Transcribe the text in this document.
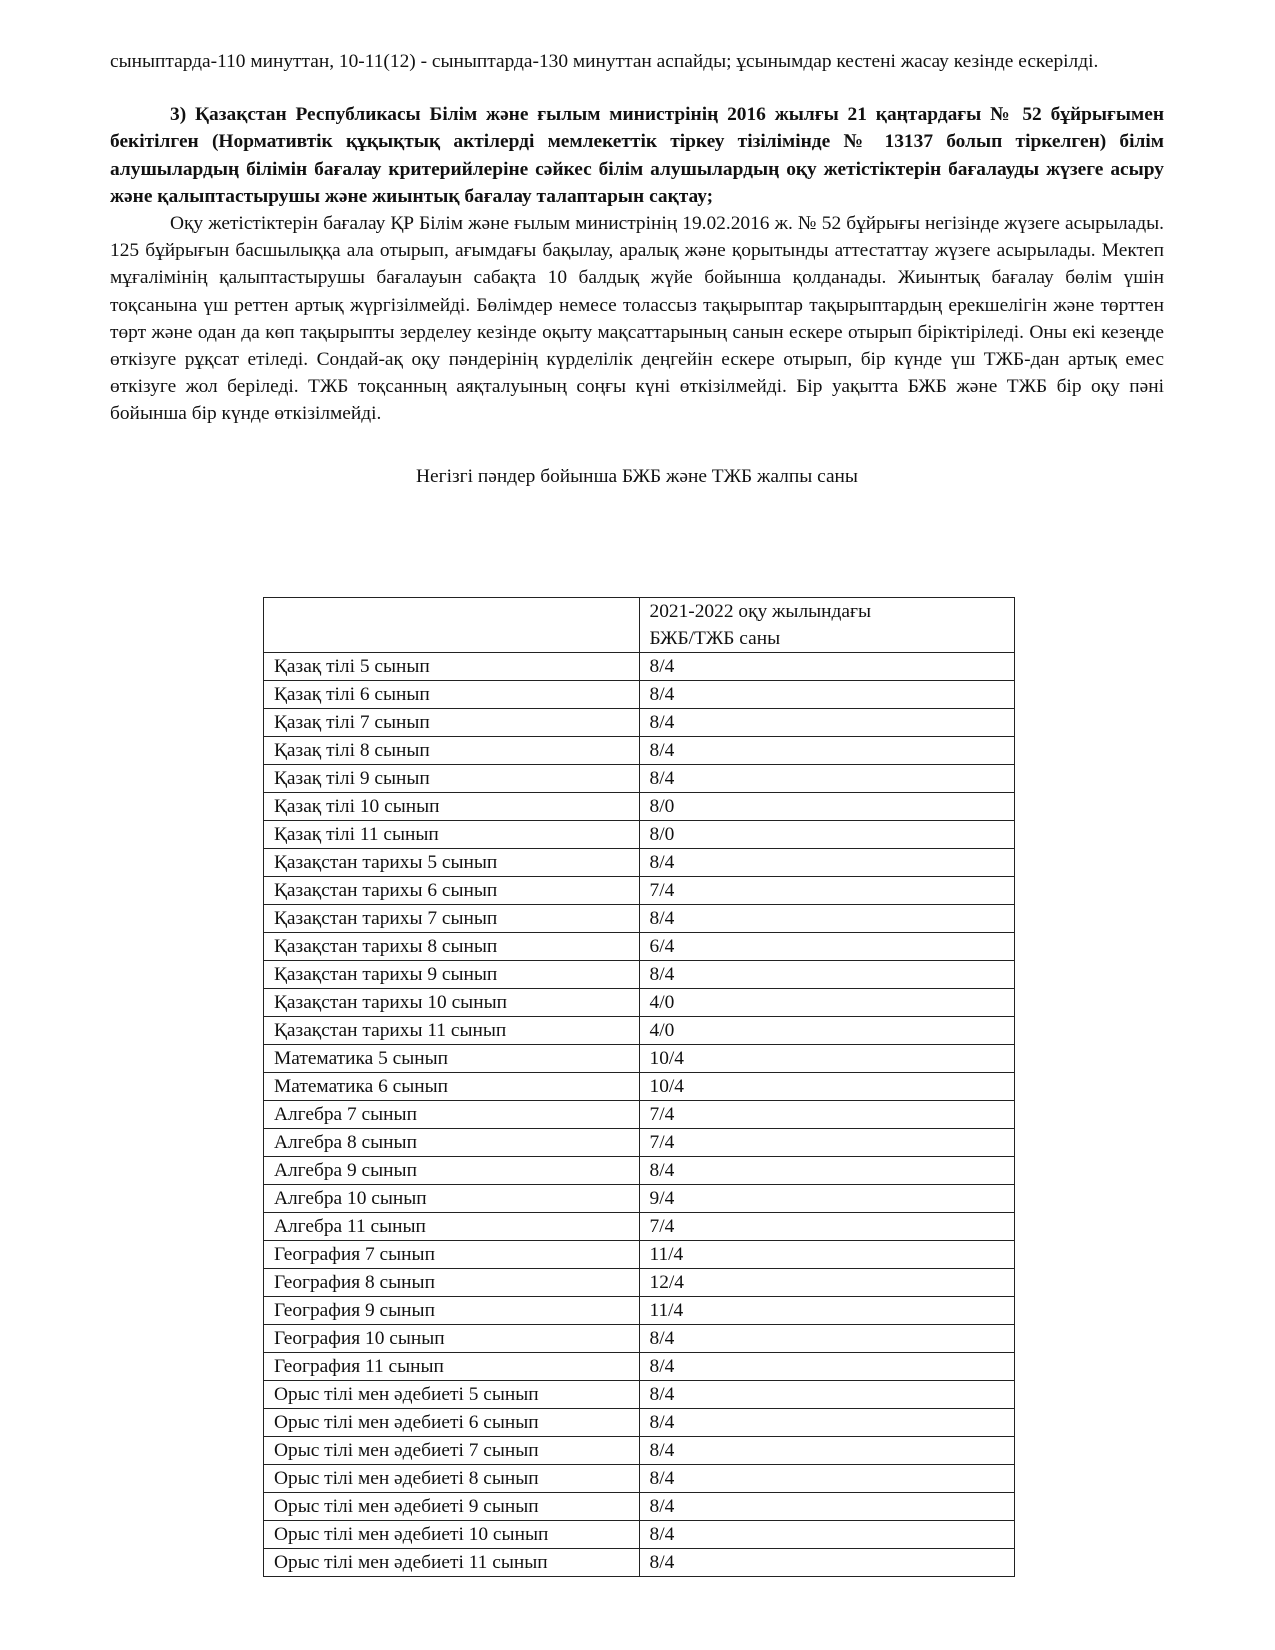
сыныптарда-110 минуттан, 10-11(12) - сыныптарда-130 минуттан аспайды; ұсынымдар кестені жасау кезінде ескерілді.

3) Қазақстан Республикасы Білім және ғылым министрінің 2016 жылғы 21 қаңтардағы № 52 бұйрығымен бекітілген (Нормативтік құқықтық актілерді мемлекеттік тіркеу тізілімінде № 13137 болып тіркелген) білім алушылардың білімін бағалау критерийлеріне сәйкес білім алушылардың оқу жетістіктерін бағалауды жүзеге асыру және қалыптастырушы және жиынтық бағалау талаптарын сақтау;

Оқу жетістіктерін бағалау ҚР Білім және ғылым министрінің 19.02.2016 ж. № 52 бұйрығы негізінде жүзеге асырылады. 125 бұйрығын басшылыққа ала отырып, ағымдағы бақылау, аралық және қорытынды аттестаттау жүзеге асырылады. Мектеп мұғалімінің қалыптастырушы бағалауын сабақта 10 балдық жүйе бойынша қолданады. Жиынтық бағалау бөлім үшін тоқсанына үш реттен артық жүргізілмейді. Бөлімдер немесе толассыз тақырыптар тақырыптардың ерекшелігін және төрттен төрт және одан да көп тақырыпты зерделеу кезінде оқыту мақсаттарының санын ескере отырып біріктіріледі. Оны екі кезеңде өткізуге рұқсат етіледі. Сондай-ақ оқу пәндерінің күрделілік деңгейін ескере отырып, бір күнде үш ТЖБ-дан артық емес өткізуге жол беріледі. ТЖБ тоқсанның аяқталуының соңғы күні өткізілмейді. Бір уақытта БЖБ және ТЖБ бір оқу пәні бойынша бір күнде өткізілмейді.

Негізгі пәндер бойынша БЖБ және ТЖБ жалпы саны

	2021-2022 оқу жылындағы
БЖБ/ТЖБ саны

Қазақ тілі 5 сынып	8/4
Қазақ тілі 6 сынып	8/4
Қазақ тілі 7 сынып	8/4
Қазақ тілі 8 сынып	8/4
Қазақ тілі 9 сынып	8/4
Қазақ тілі 10 сынып	8/0
Қазақ тілі 11 сынып	8/0
Қазақстан тарихы 5 сынып	8/4
Қазақстан тарихы 6 сынып	7/4
Қазақстан тарихы 7 сынып	8/4
Қазақстан тарихы 8 сынып	6/4
Қазақстан тарихы 9 сынып	8/4
Қазақстан тарихы 10 сынып	4/0
Қазақстан тарихы 11 сынып	4/0
Математика 5 сынып	10/4
Математика 6 сынып	10/4
Алгебра 7 сынып	7/4
Алгебра 8 сынып	7/4
Алгебра 9 сынып	8/4
Алгебра 10 сынып	9/4
Алгебра 11 сынып	7/4
География 7 сынып	11/4
География 8 сынып	12/4
География 9 сынып	11/4
География 10 сынып	8/4
География 11 сынып	8/4
Орыс тілі мен әдебиеті 5 сынып	8/4
Орыс тілі мен әдебиеті 6 сынып	8/4
Орыс тілі мен әдебиеті 7 сынып	8/4
Орыс тілі мен әдебиеті 8 сынып	8/4
Орыс тілі мен әдебиеті 9 сынып	8/4
Орыс тілі мен әдебиеті 10 сынып	8/4
Орыс тілі мен әдебиеті 11 сынып	8/4
